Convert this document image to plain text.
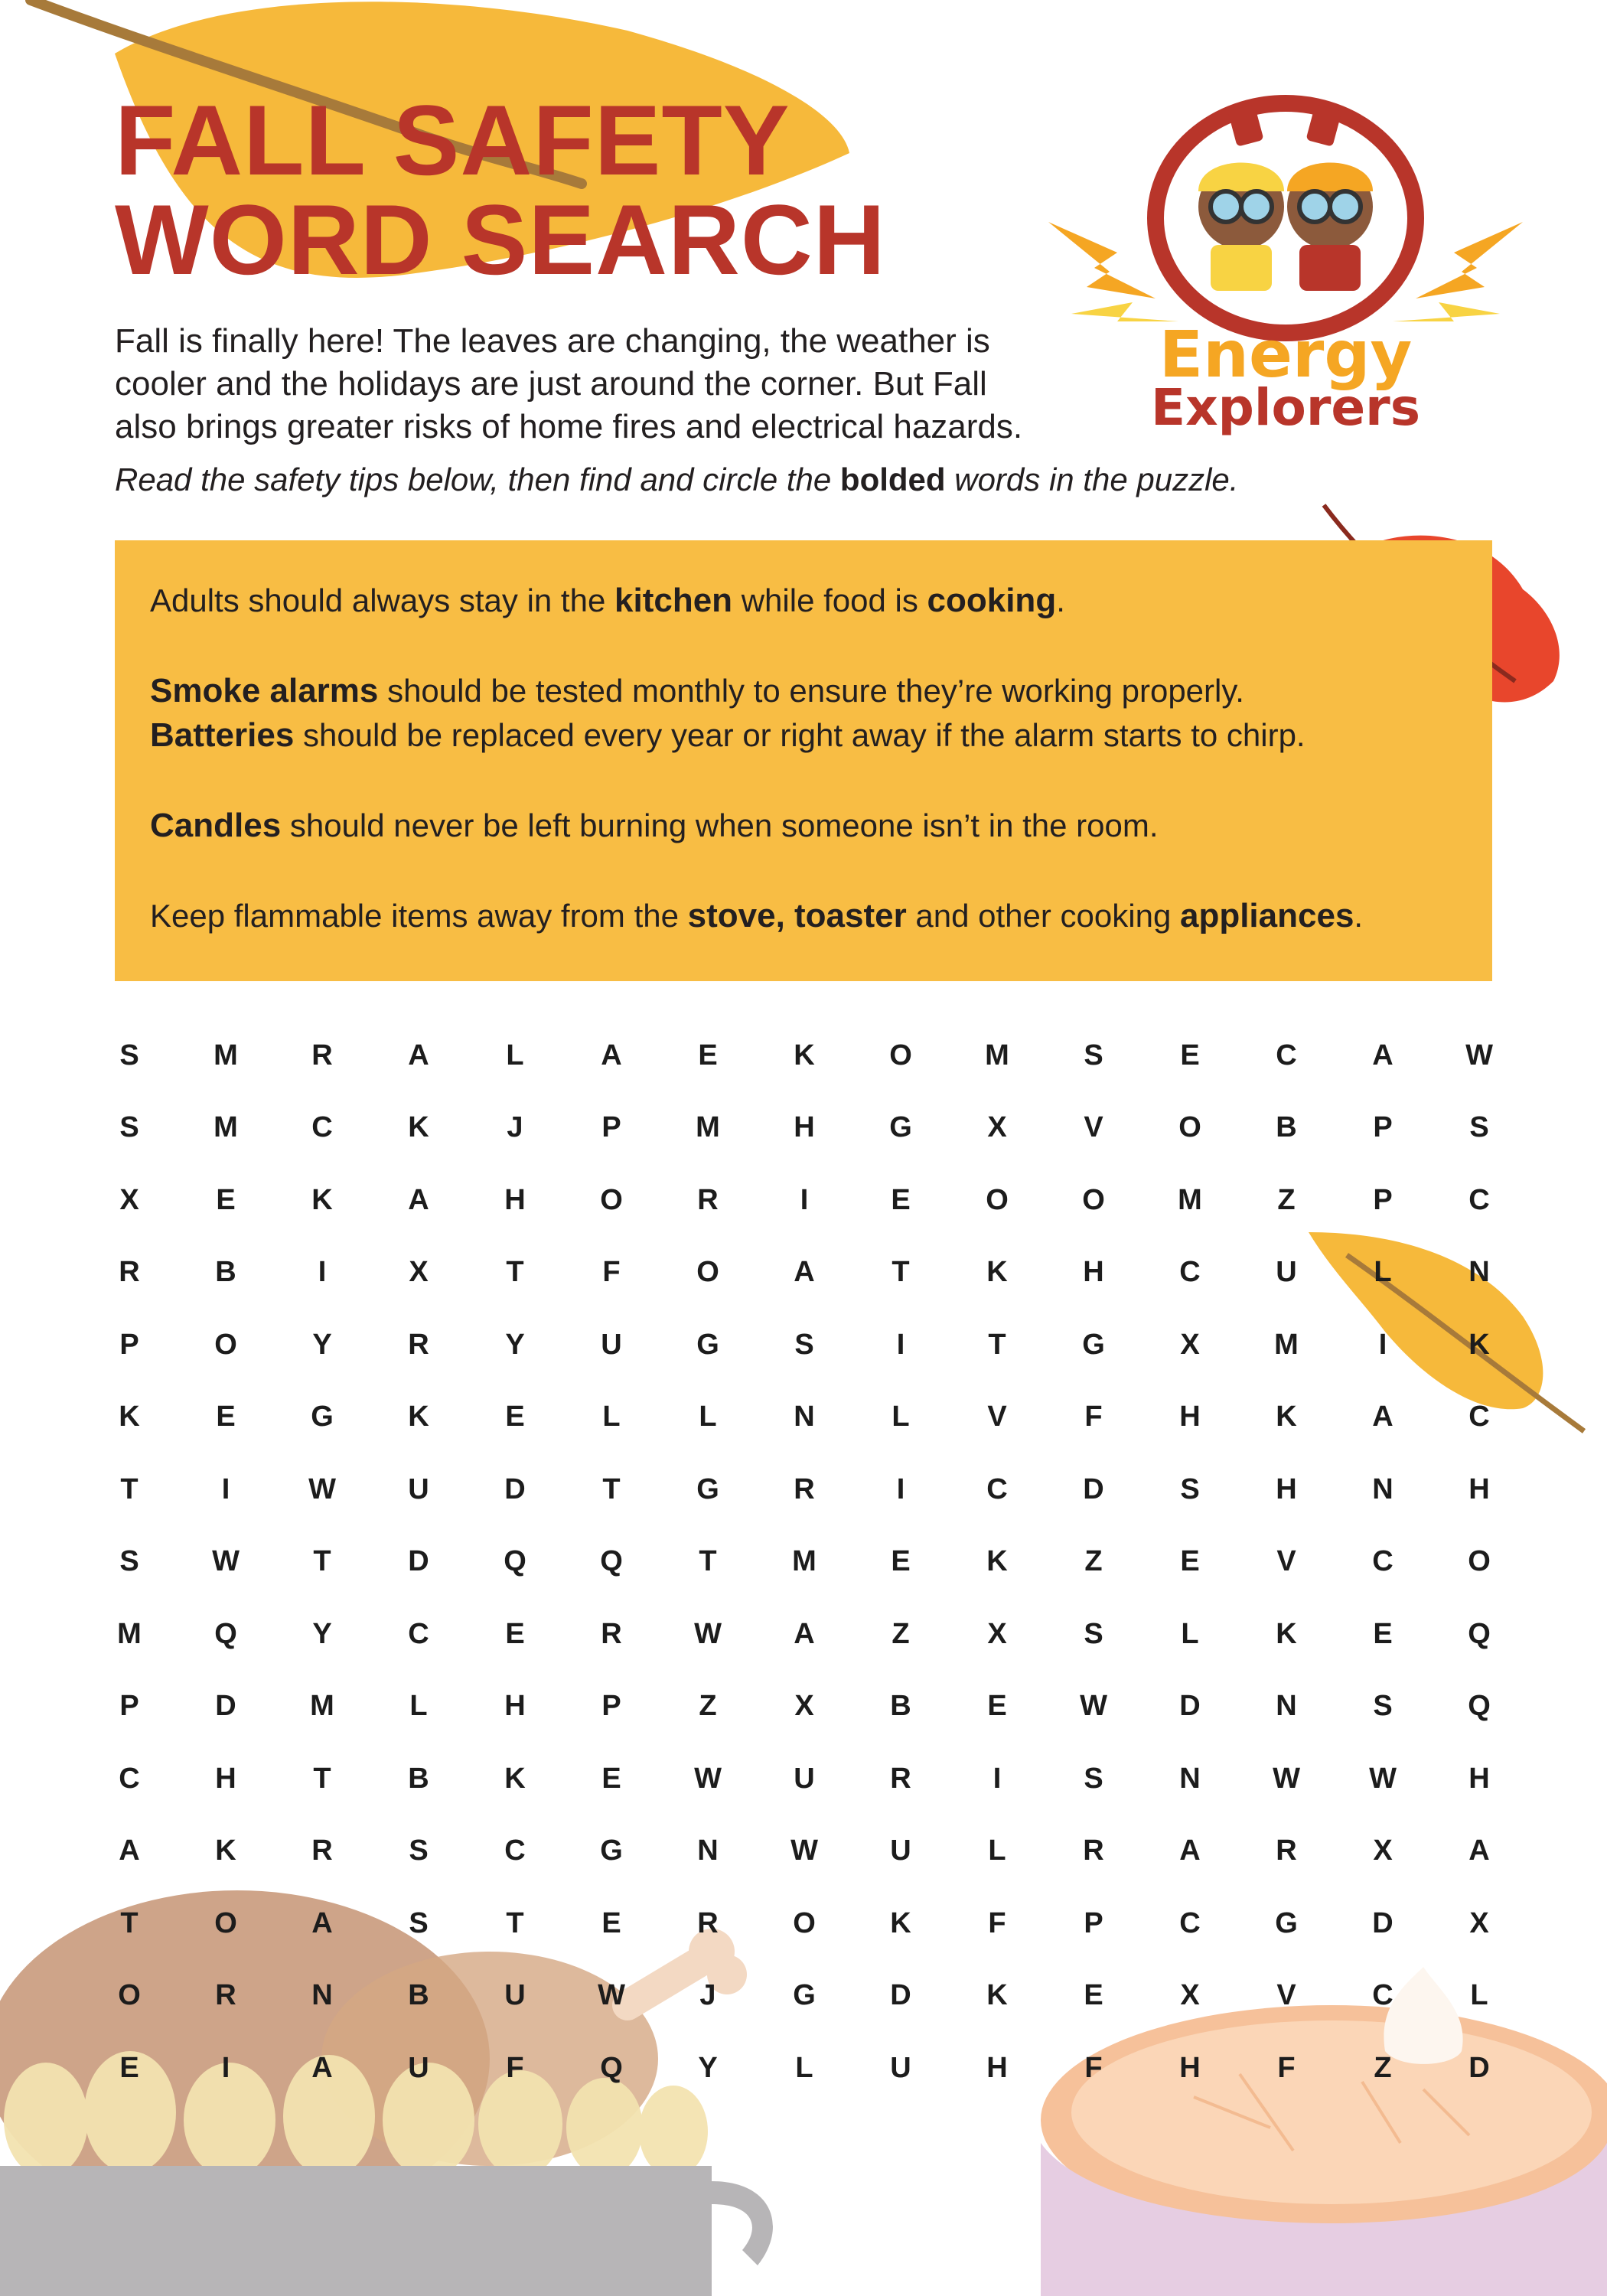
Energy
Explorers
FALL SAFETY
WORD SEARCH

Fall is finally here! The leaves are changing, the weather is cooler and the holidays are just around the corner. But Fall also brings greater risks of home fires and electrical hazards.

Read the safety tips below, then find and circle the bolded words in the puzzle.

Adults should always stay in the kitchen while food is cooking.
Smoke alarms should be tested monthly to ensure they’re working properly.
Batteries should be replaced every year or right away if the alarm starts to chirp.
Candles should never be left burning when someone isn’t in the room.
Keep flammable items away from the stove, toaster and other cooking appliances.
S	M	R	A	L	A	E	K	O	M	S	E	C	A	W
S	M	C	K	J	P	M	H	G	X	V	O	B	P	S
X	E	K	A	H	O	R	I	E	O	O	M	Z	P	C
R	B	I	X	T	F	O	A	T	K	H	C	U	L	N
P	O	Y	R	Y	U	G	S	I	T	G	X	M	I	K
K	E	G	K	E	L	L	N	L	V	F	H	K	A	C
T	I	W	U	D	T	G	R	I	C	D	S	H	N	H
S	W	T	D	Q	Q	T	M	E	K	Z	E	V	C	O
M	Q	Y	C	E	R	W	A	Z	X	S	L	K	E	Q
P	D	M	L	H	P	Z	X	B	E	W	D	N	S	Q
C	H	T	B	K	E	W	U	R	I	S	N	W	W	H
A	K	R	S	C	G	N	W	U	L	R	A	R	X	A
T	O	A	S	T	E	R	O	K	F	P	C	G	D	X
O	R	N	B	U	W	J	G	D	K	E	X	V	C	L
E	I	A	U	F	Q	Y	L	U	H	F	H	F	Z	D
